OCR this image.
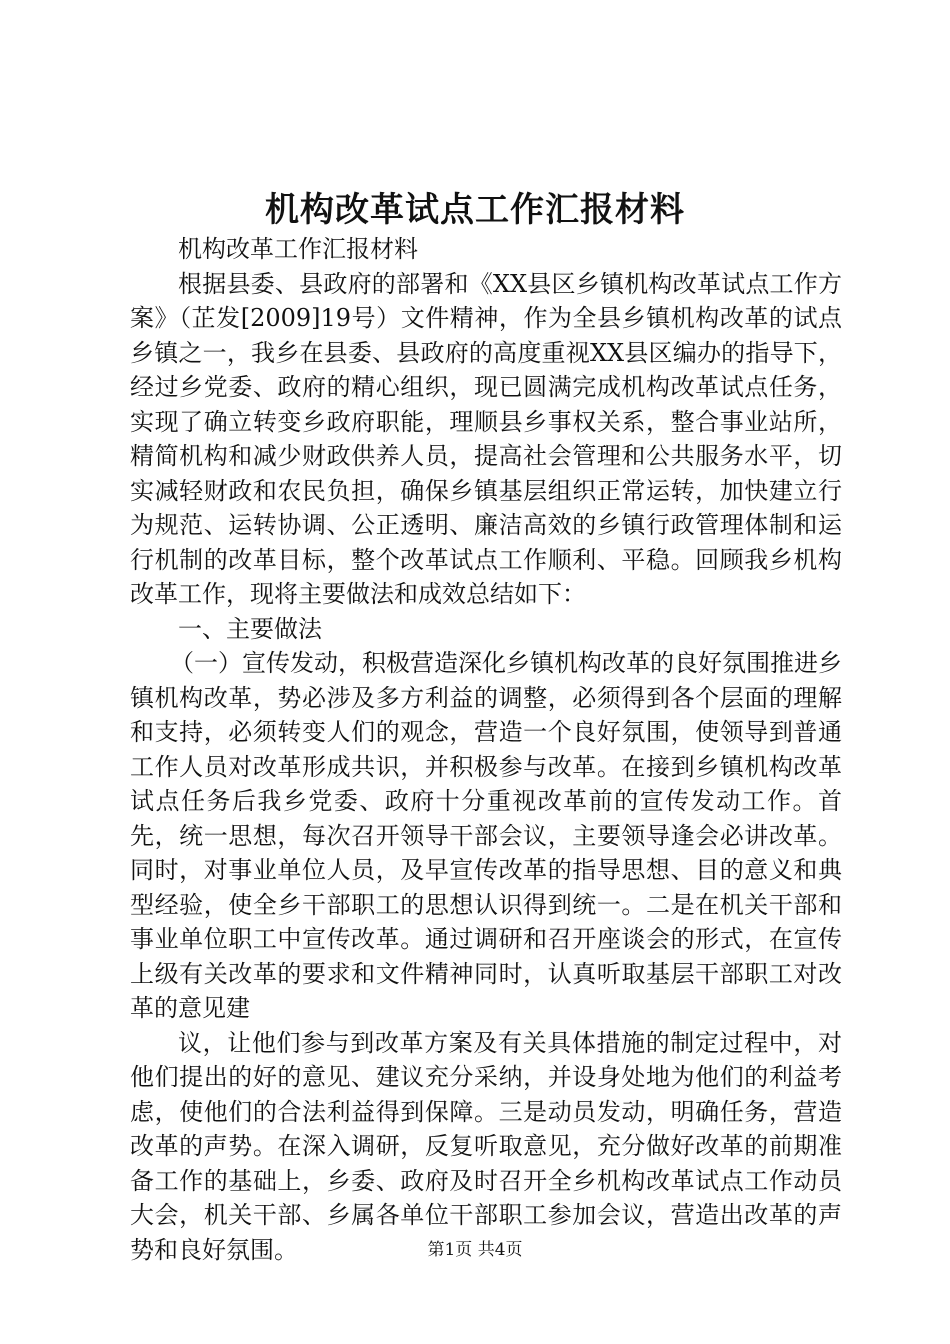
机构改革试点工作汇报材料

机构改革工作汇报材料

根据县委、县政府的部署和《XX县区乡镇机构改革试点工作方案》（芷发[2009]19号）文件精神，作为全县乡镇机构改革的试点乡镇之一，我乡在县委、县政府的高度重视XX县区编办的指导下，经过乡党委、政府的精心组织，现已圆满完成机构改革试点任务，实现了确立转变乡政府职能，理顺县乡事权关系，整合事业站所，精简机构和减少财政供养人员，提高社会管理和公共服务水平，切实减轻财政和农民负担，确保乡镇基层组织正常运转，加快建立行为规范、运转协调、公正透明、廉洁高效的乡镇行政管理体制和运行机制的改革目标，整个改革试点工作顺利、平稳。回顾我乡机构改革工作，现将主要做法和成效总结如下：

一、主要做法

（一）宣传发动，积极营造深化乡镇机构改革的良好氛围推进乡镇机构改革，势必涉及多方利益的调整，必须得到各个层面的理解和支持，必须转变人们的观念，营造一个良好氛围，使领导到普通工作人员对改革形成共识，并积极参与改革。在接到乡镇机构改革试点任务后我乡党委、政府十分重视改革前的宣传发动工作。首先，统一思想，每次召开领导干部会议，主要领导逢会必讲改革。同时，对事业单位人员，及早宣传改革的指导思想、目的意义和典型经验，使全乡干部职工的思想认识得到统一。二是在机关干部和事业单位职工中宣传改革。通过调研和召开座谈会的形式，在宣传上级有关改革的要求和文件精神同时，认真听取基层干部职工对改革的意见建

议，让他们参与到改革方案及有关具体措施的制定过程中，对他们提出的好的意见、建议充分采纳，并设身处地为他们的利益考虑，使他们的合法利益得到保障。三是动员发动，明确任务，营造改革的声势。在深入调研，反复听取意见，充分做好改革的前期准备工作的基础上，乡委、政府及时召开全乡机构改革试点工作动员大会，机关干部、乡属各单位干部职工参加会议，营造出改革的声势和良好氛围。	第1页 共4页
